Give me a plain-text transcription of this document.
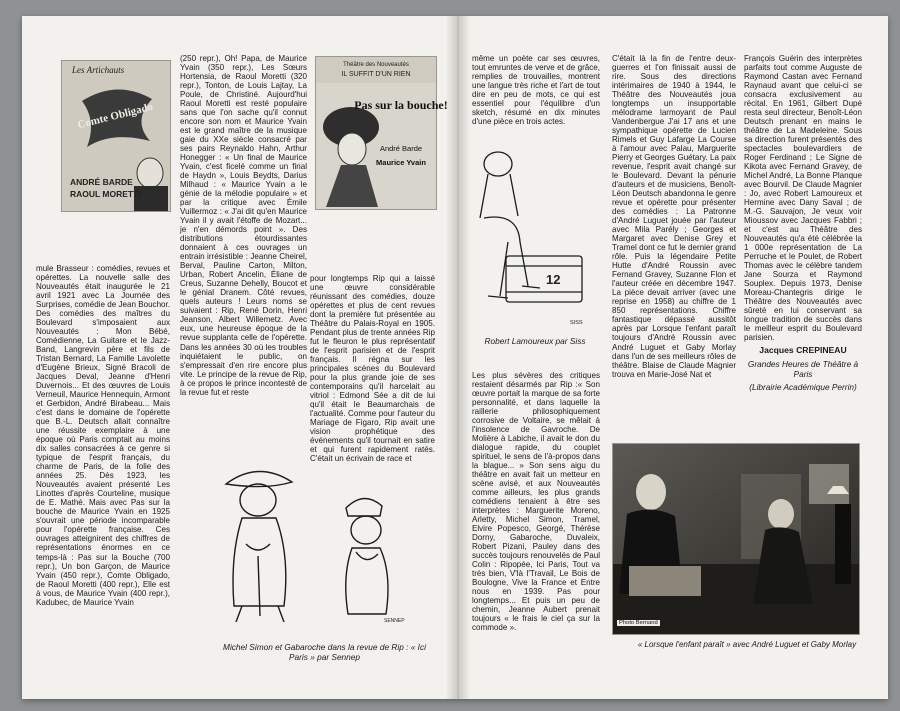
Les Artichauts
Comte Obligado
ANDRÉ BARDE
RAOUL MORETTI

mule Brasseur : comédies, revues et opérettes. La nouvelle salle des Nouveautés était inaugurée le 21 avril 1921 avec La Journée des Surprises, comédie de Jean Bouchor. Des comédies des maîtres du Boulevard s'imposaient aux Nouveautés : Mon Bébé, Comédienne, La Guitare et le Jazz-Band, Langrevin père et fils de Tristan Bernard, La Famille Lavolette d'Eugène Brieux, Signé Bracoli de Jacques Deval, Jeanne d'Henri Duvernois... Et des œuvres de Louis Verneuil, Maurice Hennequin, Armont et Gerbidon, André Birabeau... Mais c'est dans le domaine de l'opérette que B.-L. Deutsch allait connaître une réussite exemplaire à une époque où Paris comptait au moins dix salles consacrées à ce genre si typique de l'esprit français, du charme de Paris, de la folie des années 25. Dès 1923, les Nouveautés avaient présenté Les Linottes d'après Courteline, musique de E. Mathé. Mais avec Pas sur la bouche de Maurice Yvain en 1925 s'ouvrait une période incomparable pour l'opérette française. Ces ouvrages atteignirent des chiffres de représentations énormes en ce temps-là : Pas sur la Bouche (700 repr.), Un bon Garçon, de Maurice Yvain (450 repr.), Comte Obligado, de Raoul Moretti (400 repr.), Elle est à vous, de Maurice Yvain (400 repr.), Kadubec, de Maurice Yvain

(250 repr.), Oh! Papa, de Maurice Yvain (350 repr.), Les Sœurs Hortensia, de Raoul Moretti (320 repr.), Tonton, de Louis Lajtay, La Poule, de Christiné. Aujourd'hui Raoul Moretti est resté populaire sans que l'on sache qu'il connut encore son nom et Maurice Yvain est le grand maître de la musique gaie du XXe siècle consacré par ses pairs Reynaldo Hahn, Arthur Honegger : « Un final de Maurice Yvain, c'est ficelé comme un final de Haydn », Louis Beydts, Darius Milhaud : « Maurice Yvain a le génie de la mélodie populaire » et par la critique avec Émile Vuillermoz : « J'ai dit qu'en Maurice Yvain il y avait l'étoffe de Mozart... je n'en démords point ». Des distributions étourdissantes donnaient à ces ouvrages un entrain irrésistible : Jeanne Cheirel, Berval, Pauline Carton, Milton, Urban, Robert Ancelin, Éliane de Creus, Suzanne Dehelly, Boucot et le génial Dranem. Côté revues, quels auteurs ! Leurs noms se suivaient : Rip, René Dorin, Henri Jeanson, Albert Willemetz. Avec eux, une heureuse époque de la revue supplanta celle de l'opérette. Dans les années 30 où les troubles inquiétaient le public, on s'empressait d'en rire encore plus vite. Le principe de la revue de Rip, à ce propos le prince incontesté de la revue fut et reste

Théâtre des Nouveautés
IL SUFFIT D'UN RIEN
Pas sur la bouche!
André Barde
Maurice Yvain

pour longtemps Rip qui a laissé une œuvre considérable réunissant des comédies, douze opérettes et plus de cent revues dont la première fut présentée au Théâtre du Palais-Royal en 1905. Pendant plus de trente années Rip fut le fleuron le plus représentatif de l'esprit parisien et de l'esprit français. Il régna sur les principales scènes du Boulevard pour la plus grande joie de ses contemporains qu'il harcelait au vitriol : Edmond Sée a dit de lui qu'il était le Beaumarchais de l'actualité. Comme pour l'auteur du Mariage de Figaro, Rip avait une vision prophétique des événements qu'il tournait en satire et qui furent rapidement ratés. C'était un écrivain de race et

SENNEP
Michel Simon et Gabaroche dans la revue de Rip : « Ici Paris » par Sennep
12
SISS

même un poète car ses œuvres, tout emruntes de verve et de grâce, remplies de trouvailles, montrent une langue très riche et l'art de tout dire en peu de mots, ce qui est essentiel pour l'équilibre d'un sketch, résumé en dix minutes d'une pièce en trois actes.

Robert Lamoureux par Siss

Les plus sévères des critiques restaient désarmés par Rip :« Son œuvre portait la marque de sa forte personnalité, et dans laquelle la raillerie philosophiquement corrosive de Voltaire, se mêlait à l'insolence de Gavroche. De Molière à Labiche, il avait le don du dialogue rapide, du couplet spirituel, le sens de l'à-propos dans la blague... » Son sens aigu du théâtre en avait fait un metteur en scène avisé, et aux Nouveautés comme ailleurs, les plus grands comédiens tenaient à être ses interprètes : Marguerite Moreno, Arletty, Michel Simon, Tramel, Elvire Popesco, Georgé, Thérèse Dorny, Gabaroche, Duvaleix, Robert Pizani, Pauley dans des succès toujours renouvelés de Paul Colin : Ripopée, Ici Paris, Tout va très bien, V'là l'Travail, Le Bois de Boulogne, Vive la France et Entre nous en 1939. Pas pour longtemps... Et puis un peu de chemin, Jeanne Aubert prenait toujours « le frais le ciel ça sur la commode ».

C'était là la fin de l'entre deux-guerres et l'on finissait aussi de rire. Sous des directions intérimaires de 1940 à 1944, le Théâtre des Nouveautés joua longtemps un insupportable mélodrame larmoyant de Paul Vandenbergue J'ai 17 ans et une sympathique opérette de Lucien Rimels et Guy Lafarge La Course à l'amour avec Palau, Marguerite Pierry et Georges Guétary. La paix revenue, l'esprit avait changé sur le Boulevard. Devant la pénurie d'auteurs et de musiciens, Benoît-Léon Deutsch abandonna le genre revue et opérette pour présenter des comédies : La Patronne d'André Luguet jouée par l'auteur avec Mila Parély ; Georges et Margaret avec Denise Grey et Tramel dont ce fut le dernier grand rôle. Puis la légendaire Petite Hutte d'André Roussin avec Fernand Gravey, Suzanne Flon et l'auteur créée en décembre 1947. La pièce devait arriver (avec une reprise en 1958) au chiffre de 1 850 représentations. Chiffre fantastique dépassé aussitôt après par Lorsque l'enfant paraît toujours d'André Roussin avec André Luguet et Gaby Morlay dans l'un de ses meilleurs rôles de théâtre. Blaise de Claude Magnier trouva en Marie-José Nat et

François Guérin des interprètes parfaits tout comme Auguste de Raymond Castan avec Fernand Raynaud avant que celui-ci se consacra exclusivement au récital. En 1961, Gilbert Dupé resta seul directeur, Benoît-Léon Deutsch prenant en mains le théâtre de La Madeleine. Sous sa direction furent présentés des spectacles boulevardiers de Roger Ferdinand ; Le Signe de Kikota avec Fernand Gravey, de Michel André, La Bonne Planque avec Bourvil. De Claude Magnier : Jo, avec Robert Lamoureux et Hermine avec Dany Saval ; de M.-G. Sauvajon, Je veux voir Mioussov avec Jacques Fabbri ; et c'est au Théâtre des Nouveautés qu'a été célébrée la 1 000e représentation de La Perruche et le Poulet, de Robert Thomas avec le célèbre tandem Jane Sourza et Raymond Souplex. Depuis 1973, Denise Moreau-Chantegris dirige le Théâtre des Nouveautés avec sûreté en lui conservant sa longue tradition de succès dans le meilleur esprit du Boulevard parisien.

Jacques CREPINEAU
Grandes Heures de Théâtre à Paris
(Librairie Académique Perrin)
Photo Bernand
« Lorsque l'enfant paraît » avec André Luguet et Gaby Morlay
